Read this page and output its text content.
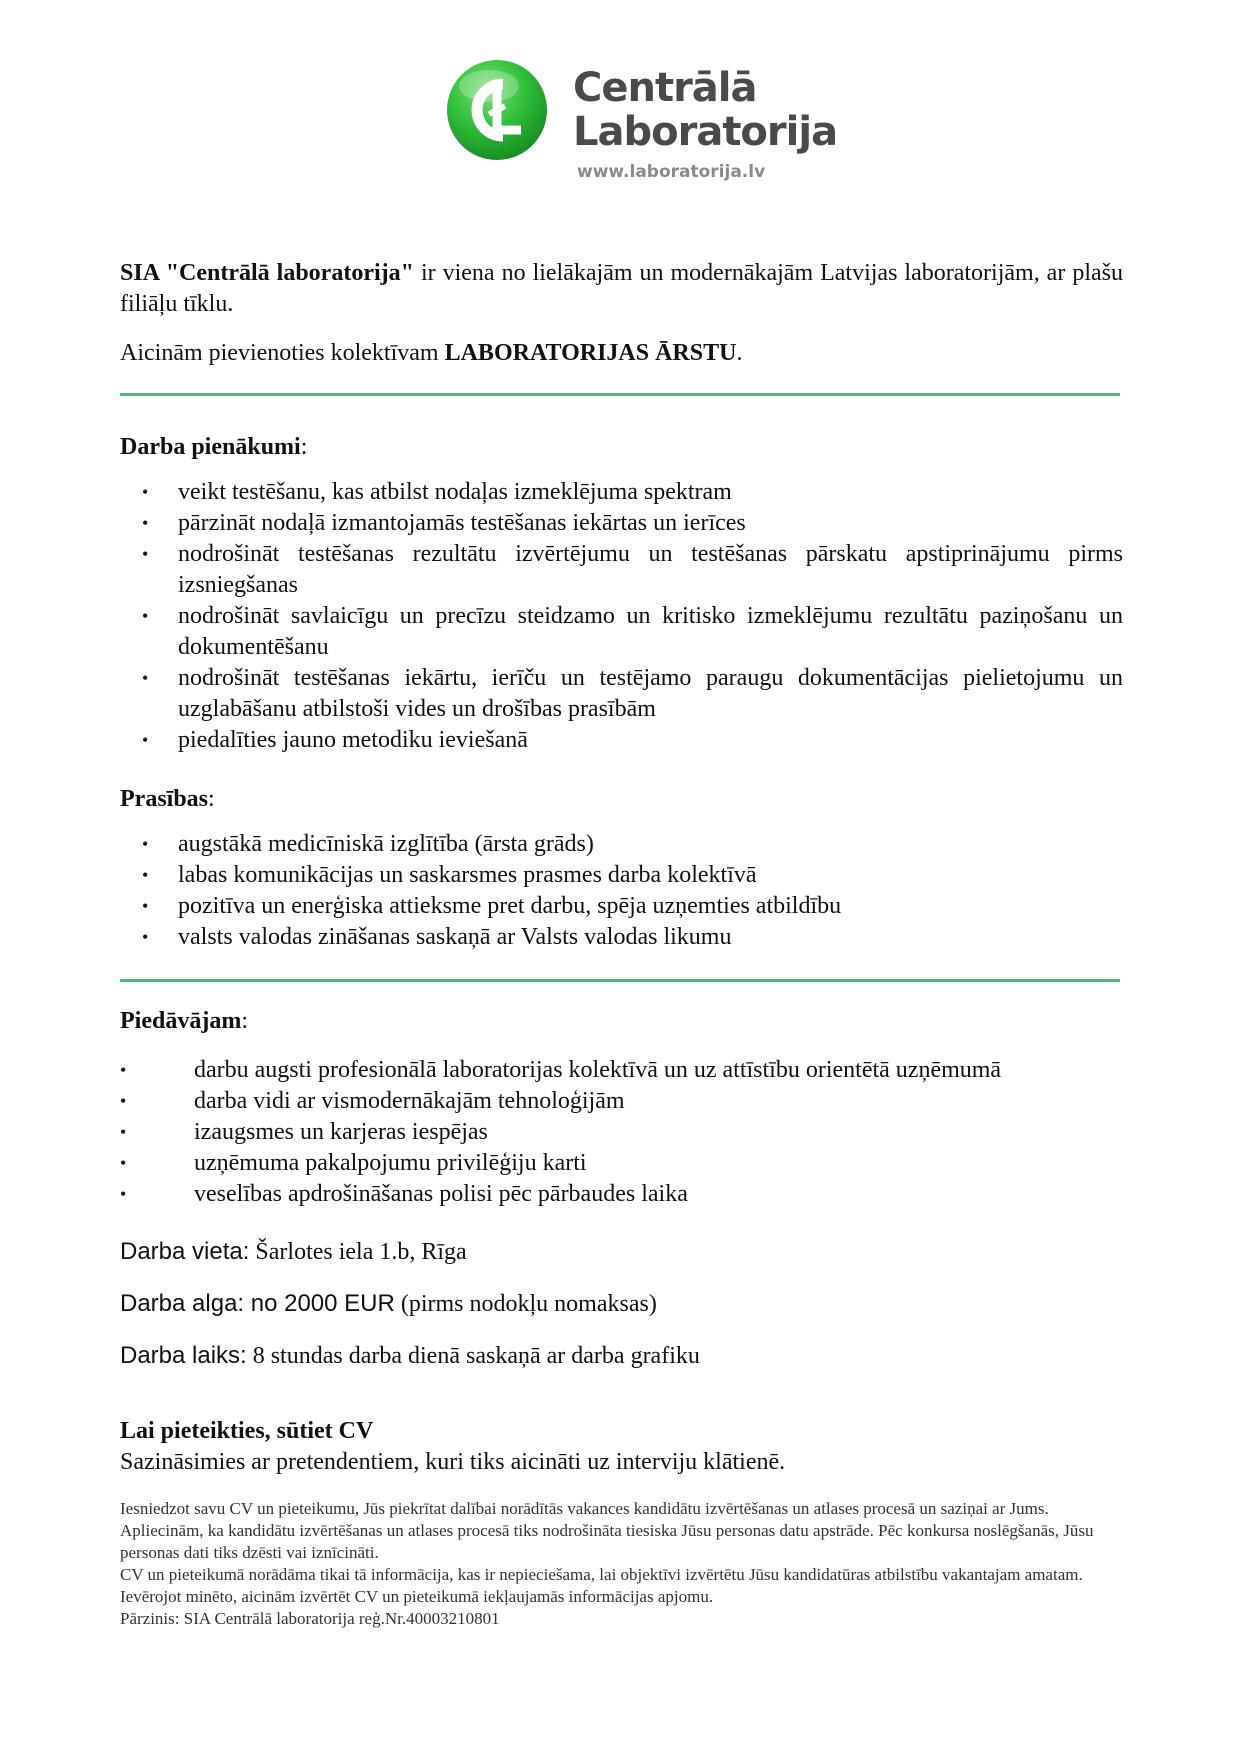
Centrālā
Laboratorija
www.laboratorija.lv

SIA "Centrālā laboratorija" ir viena no lielākajām un modernākajām Latvijas laboratorijām, ar plašu filiāļu tīklu.

Aicinām pievienoties kolektīvam LABORATORIJAS ĀRSTU.

Darba pienākumi:
• veikt testēšanu, kas atbilst nodaļas izmeklējuma spektram
• pārzināt nodaļā izmantojamās testēšanas iekārtas un ierīces
• nodrošināt testēšanas rezultātu izvērtējumu un testēšanas pārskatu apstiprinājumu pirms izsniegšanas
• nodrošināt savlaicīgu un precīzu steidzamo un kritisko izmeklējumu rezultātu paziņošanu un dokumentēšanu
• nodrošināt testēšanas iekārtu, ierīču un testējamo paraugu dokumentācijas pielietojumu un uzglabāšanu atbilstoši vides un drošības prasībām
• piedalīties jauno metodiku ieviešanā
Prasības:
• augstākā medicīniskā izglītība (ārsta grāds)
• labas komunikācijas un saskarsmes prasmes darba kolektīvā
• pozitīva un enerģiska attieksme pret darbu, spēja uzņemties atbildību
• valsts valodas zināšanas saskaņā ar Valsts valodas likumu
Piedāvājam:
•	darbu augsti profesionālā laboratorijas kolektīvā un uz attīstību orientētā uzņēmumā
•	darba vidi ar vismodernākajām tehnoloģijām
•	izaugsmes un karjeras iespējas
•	uzņēmuma pakalpojumu privilēģiju karti
•	veselības apdrošināšanas polisi pēc pārbaudes laika

Darba vieta: Šarlotes iela 1.b, Rīga

Darba alga: no 2000 EUR (pirms nodokļu nomaksas)

Darba laiks: 8 stundas darba dienā saskaņā ar darba grafiku

Lai pieteikties, sūtiet CV
Sazināsimies ar pretendentiem, kuri tiks aicināti uz interviju klātienē.

Iesniedzot savu CV un pieteikumu, Jūs piekrītat dalībai norādītās vakances kandidātu izvērtēšanas un atlases procesā un saziņai ar Jums.

Apliecinām, ka kandidātu izvērtēšanas un atlases procesā tiks nodrošināta tiesiska Jūsu personas datu apstrāde. Pēc konkursa noslēgšanās, Jūsu personas dati tiks dzēsti vai iznīcināti.

CV un pieteikumā norādāma tikai tā informācija, kas ir nepieciešama, lai objektīvi izvērtētu Jūsu kandidatūras atbilstību vakantajam amatam. Ievērojot minēto, aicinām izvērtēt CV un pieteikumā iekļaujamās informācijas apjomu.

Pārzinis: SIA Centrālā laboratorija reģ.Nr.40003210801
